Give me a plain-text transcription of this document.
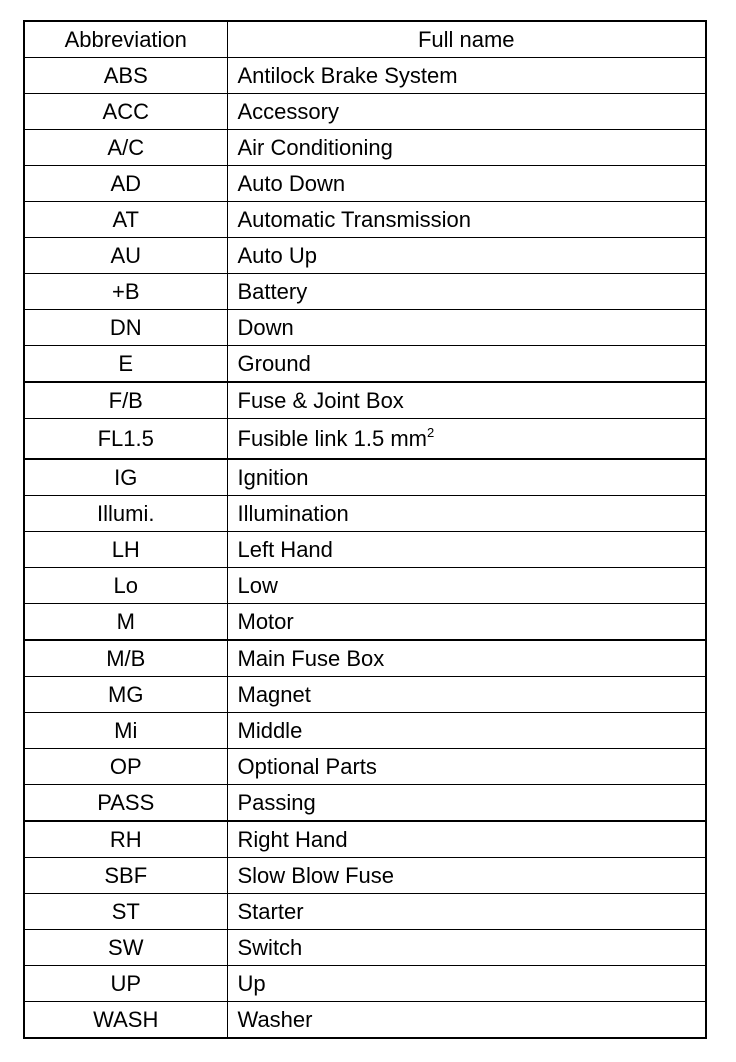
Abbreviation	Full name
ABS	Antilock Brake System
ACC	Accessory
A/C	Air Conditioning
AD	Auto Down
AT	Automatic Transmission
AU	Auto Up
+B	Battery
DN	Down
E	Ground
F/B	Fuse & Joint Box
FL1.5	Fusible link 1.5 $mm^2$
IG	Ignition
Illumi.	Illumination
LH	Left Hand
Lo	Low
M	Motor
M/B	Main Fuse Box
MG	Magnet
Mi	Middle
OP	Optional Parts
PASS	Passing
RH	Right Hand
SBF	Slow Blow Fuse
ST	Starter
SW	Switch
UP	Up
WASH	Washer
